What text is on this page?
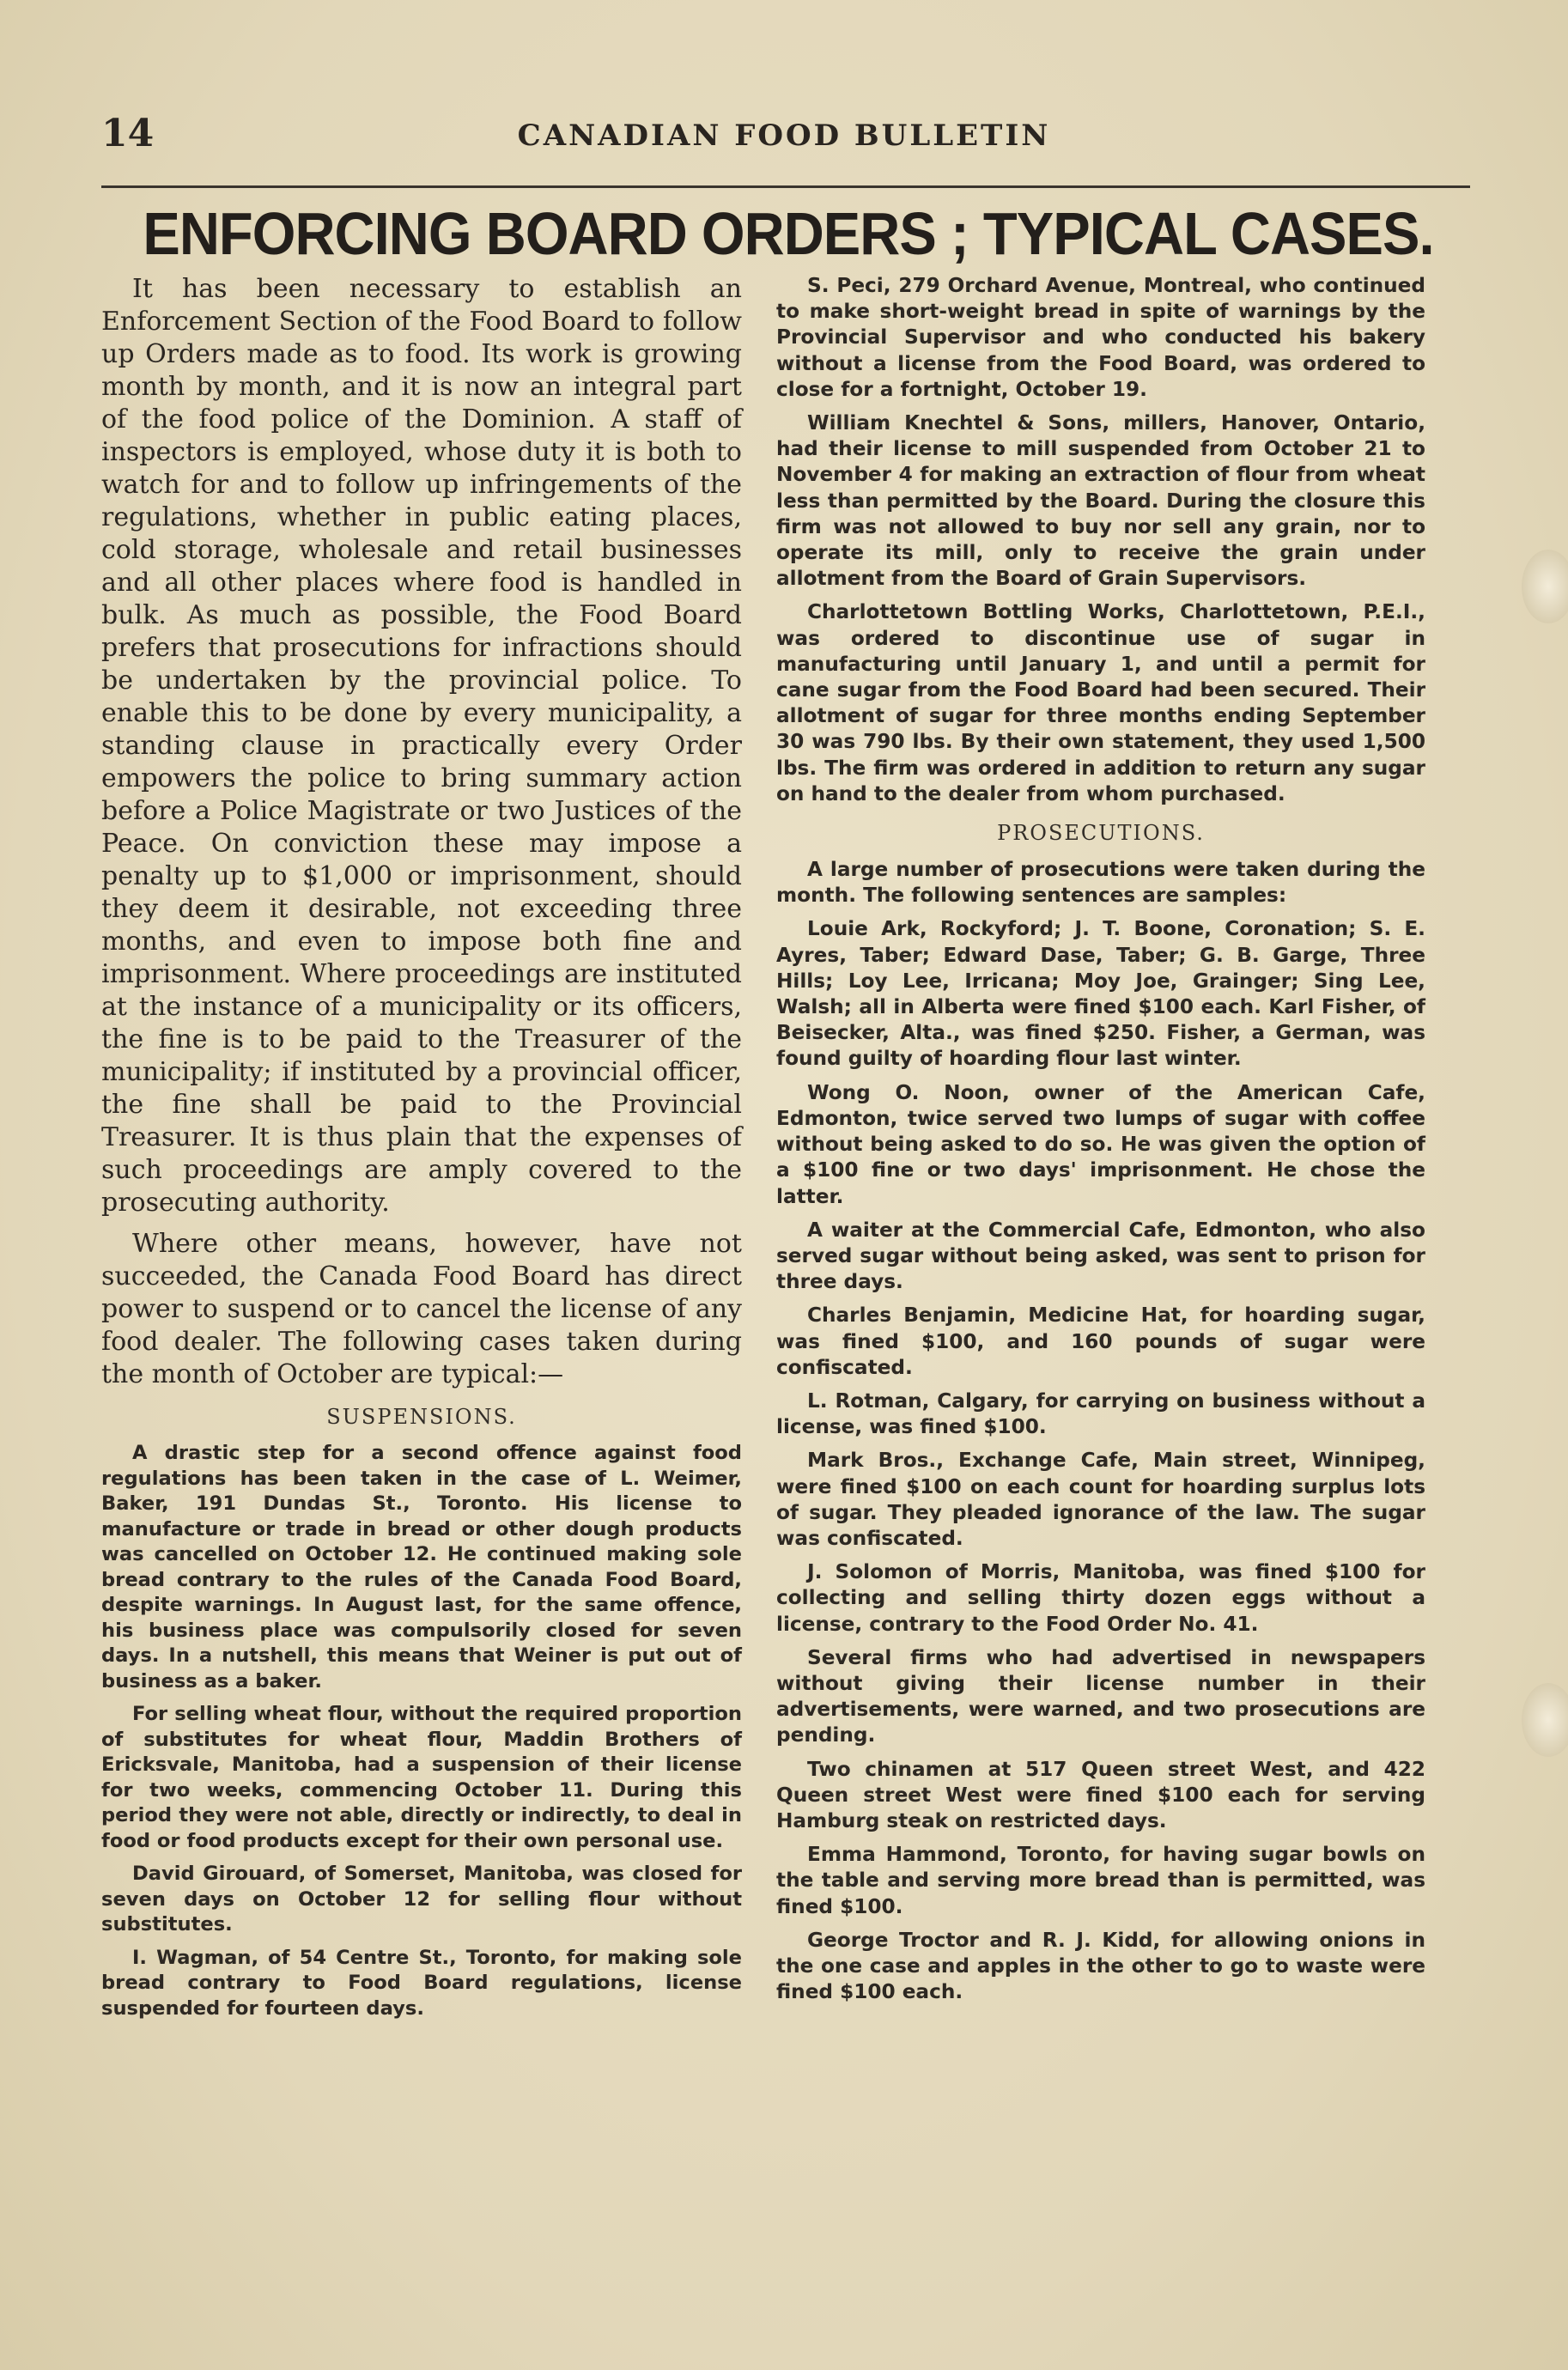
14	CANADIAN FOOD BULLETIN
ENFORCING BOARD ORDERS ; TYPICAL CASES.

It has been necessary to establish an Enforcement Section of the Food Board to follow up Orders made as to food. Its work is growing month by month, and it is now an integral part of the food police of the Dominion. A staff of inspectors is employed, whose duty it is both to watch for and to follow up infringements of the regulations, whether in public eating places, cold storage, wholesale and retail businesses and all other places where food is handled in bulk. As much as possible, the Food Board prefers that prosecutions for infractions should be undertaken by the provincial police. To enable this to be done by every municipality, a standing clause in practically every Order empowers the police to bring summary action before a Police Magistrate or two Justices of the Peace. On conviction these may impose a penalty up to $1,000 or imprisonment, should they deem it desirable, not exceeding three months, and even to impose both fine and imprisonment. Where proceedings are instituted at the instance of a municipality or its officers, the fine is to be paid to the Treasurer of the municipality; if instituted by a provincial officer, the fine shall be paid to the Provincial Treasurer. It is thus plain that the expenses of such proceedings are amply covered to the prosecuting authority.

Where other means, however, have not succeeded, the Canada Food Board has direct power to suspend or to cancel the license of any food dealer. The following cases taken during the month of October are typical:—

SUSPENSIONS.

A drastic step for a second offence against food regulations has been taken in the case of L. Weimer, Baker, 191 Dundas St., Toronto. His license to manufacture or trade in bread or other dough products was cancelled on October 12. He continued making sole bread contrary to the rules of the Canada Food Board, despite warnings. In August last, for the same offence, his business place was compulsorily closed for seven days. In a nutshell, this means that Weiner is put out of business as a baker.

For selling wheat flour, without the required proportion of substitutes for wheat flour, Maddin Brothers of Ericksvale, Manitoba, had a suspension of their license for two weeks, commencing October 11. During this period they were not able, directly or indirectly, to deal in food or food products except for their own personal use.

David Girouard, of Somerset, Manitoba, was closed for seven days on October 12 for selling flour without substitutes.

I. Wagman, of 54 Centre St., Toronto, for making sole bread contrary to Food Board regulations, license suspended for fourteen days.

S. Peci, 279 Orchard Avenue, Montreal, who continued to make short-weight bread in spite of warnings by the Provincial Supervisor and who conducted his bakery without a license from the Food Board, was ordered to close for a fortnight, October 19.

William Knechtel & Sons, millers, Hanover, Ontario, had their license to mill suspended from October 21 to November 4 for making an extraction of flour from wheat less than permitted by the Board. During the closure this firm was not allowed to buy nor sell any grain, nor to operate its mill, only to receive the grain under allotment from the Board of Grain Supervisors.

Charlottetown Bottling Works, Charlottetown, P.E.I., was ordered to discontinue use of sugar in manufacturing until January 1, and until a permit for cane sugar from the Food Board had been secured. Their allotment of sugar for three months ending September 30 was 790 lbs. By their own statement, they used 1,500 lbs. The firm was ordered in addition to return any sugar on hand to the dealer from whom purchased.

PROSECUTIONS.

A large number of prosecutions were taken during the month. The following sentences are samples:

Louie Ark, Rockyford; J. T. Boone, Coronation; S. E. Ayres, Taber; Edward Dase, Taber; G. B. Garge, Three Hills; Loy Lee, Irricana; Moy Joe, Grainger; Sing Lee, Walsh; all in Alberta were fined $100 each. Karl Fisher, of Beisecker, Alta., was fined $250. Fisher, a German, was found guilty of hoarding flour last winter.

Wong O. Noon, owner of the American Cafe, Edmonton, twice served two lumps of sugar with coffee without being asked to do so. He was given the option of a $100 fine or two days' imprisonment. He chose the latter.

A waiter at the Commercial Cafe, Edmonton, who also served sugar without being asked, was sent to prison for three days.

Charles Benjamin, Medicine Hat, for hoarding sugar, was fined $100, and 160 pounds of sugar were confiscated.

L. Rotman, Calgary, for carrying on business without a license, was fined $100.

Mark Bros., Exchange Cafe, Main street, Winnipeg, were fined $100 on each count for hoarding surplus lots of sugar. They pleaded ignorance of the law. The sugar was confiscated.

J. Solomon of Morris, Manitoba, was fined $100 for collecting and selling thirty dozen eggs without a license, contrary to the Food Order No. 41.

Several firms who had advertised in newspapers without giving their license number in their advertisements, were warned, and two prosecutions are pending.

Two chinamen at 517 Queen street West, and 422 Queen street West were fined $100 each for serving Hamburg steak on restricted days.

Emma Hammond, Toronto, for having sugar bowls on the table and serving more bread than is permitted, was fined $100.

George Troctor and R. J. Kidd, for allowing onions in the one case and apples in the other to go to waste were fined $100 each.
